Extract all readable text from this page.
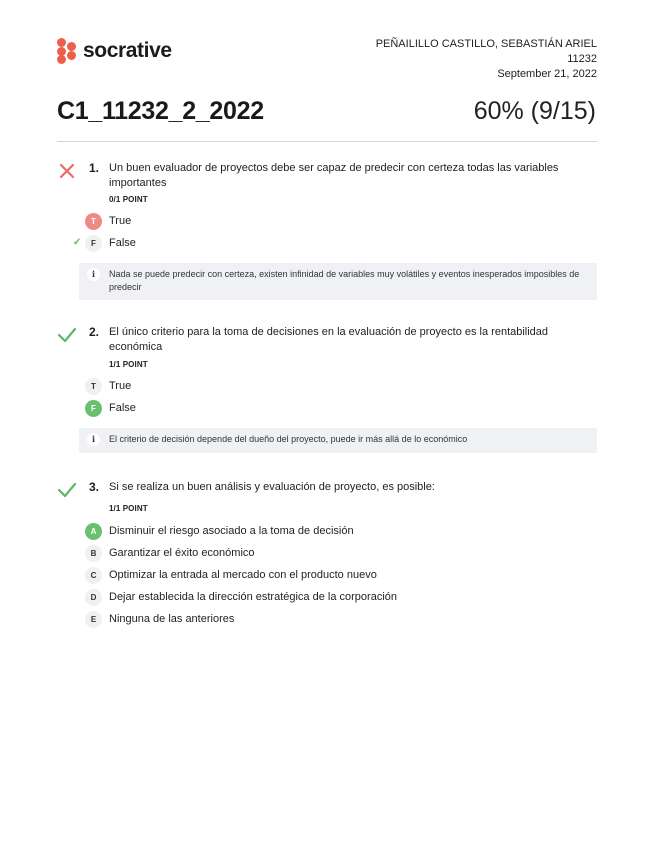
socrative	PEÑAILILLO CASTILLO, SEBASTIÁN ARIEL
11232
September 21, 2022
C1_11232_2_2022	60% (9/15)
1. Un buen evaluador de proyectos debe ser capaz de predecir con certeza todas las variables importantes
0/1 POINT
T	True
✓ F False
i	Nada se puede predecir con certeza, existen infinidad de variables muy volátiles y eventos inesperados imposibles de predecir
2. El único criterio para la toma de decisiones en la evaluación de proyecto es la rentabilidad económica
1/1 POINT
T	True
F	False
i	El criterio de decisión depende del dueño del proyecto, puede ir más allá de lo económico
3. Si se realiza un buen análisis y evaluación de proyecto, es posible:
1/1 POINT
A	Disminuir el riesgo asociado a la toma de decisión
B	Garantizar el éxito económico
C	Optimizar la entrada al mercado con el producto nuevo
D	Dejar establecida la dirección estratégica de la corporación
E	Ninguna de las anteriores
